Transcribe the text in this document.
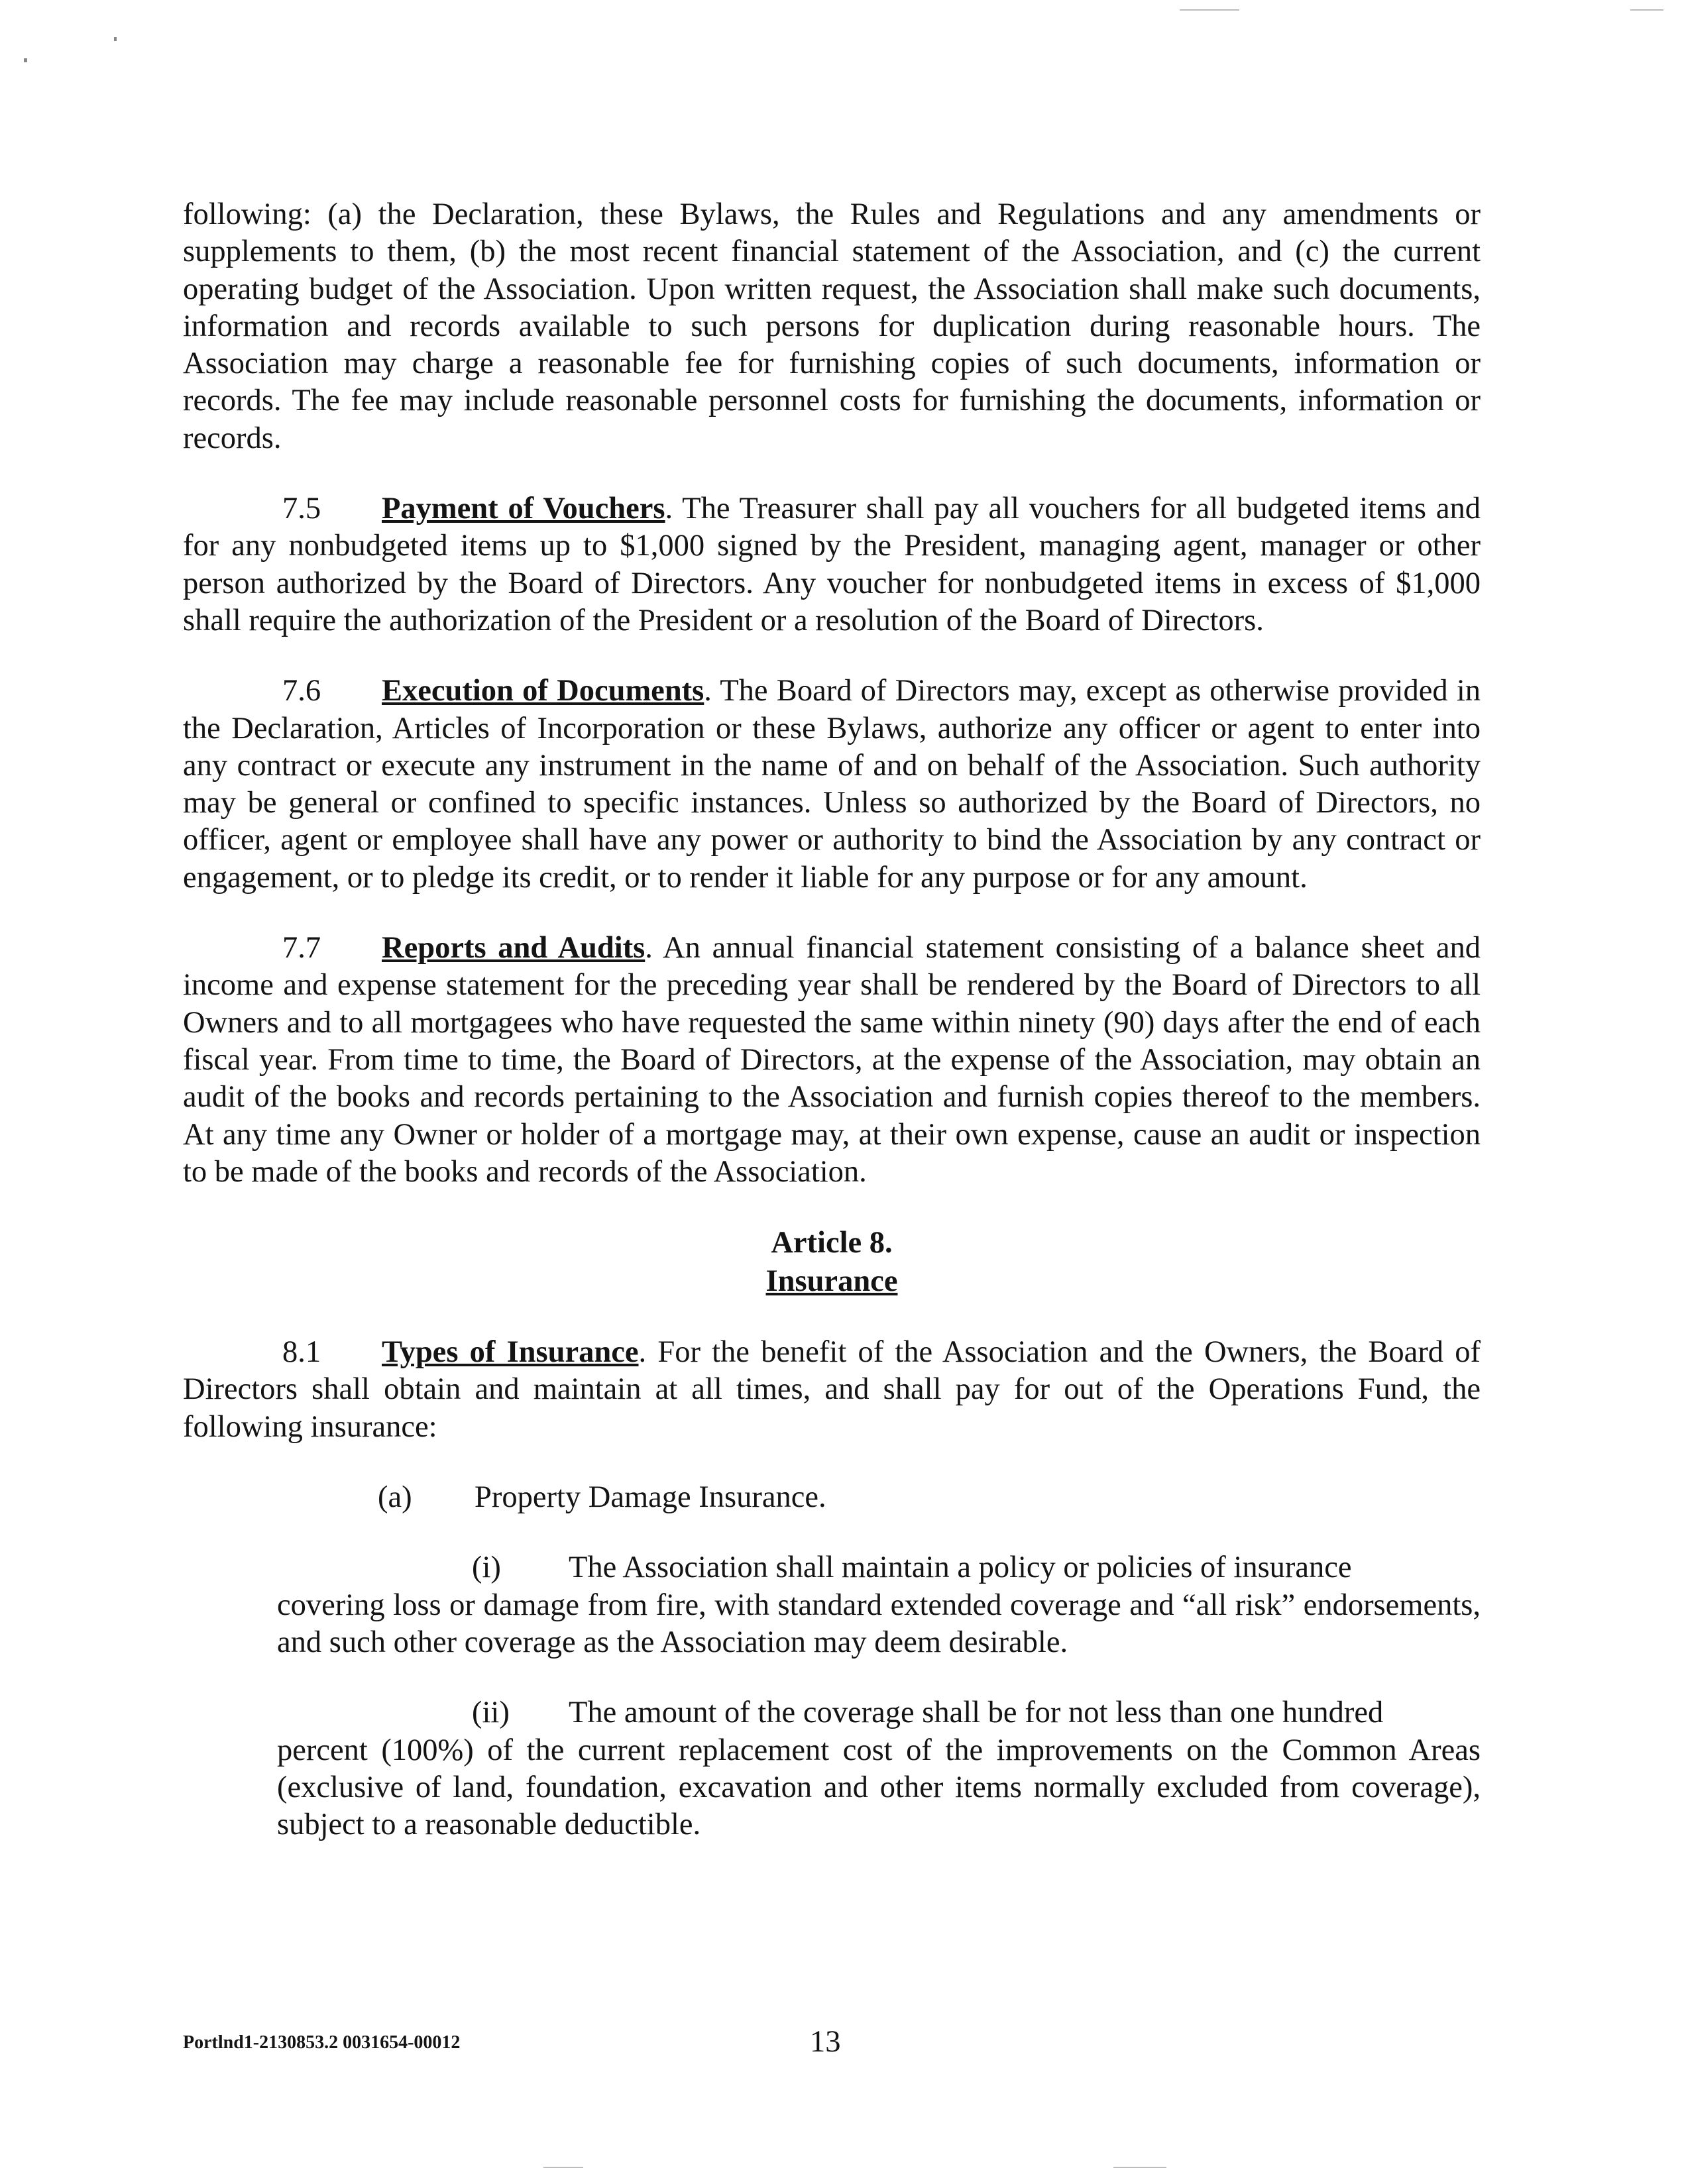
following: (a) the Declaration, these Bylaws, the Rules and Regulations and any amendments or supplements to them, (b) the most recent financial statement of the Association, and (c) the current operating budget of the Association. Upon written request, the Association shall make such documents, information and records available to such persons for duplication during reasonable hours. The Association may charge a reasonable fee for furnishing copies of such documents, information or records. The fee may include reasonable personnel costs for furnishing the documents, information or records.

7.5 Payment of Vouchers. The Treasurer shall pay all vouchers for all budgeted items and for any nonbudgeted items up to $1,000 signed by the President, managing agent, manager or other person authorized by the Board of Directors. Any voucher for nonbudgeted items in excess of $1,000 shall require the authorization of the President or a resolution of the Board of Directors.

7.6 Execution of Documents. The Board of Directors may, except as otherwise provided in the Declaration, Articles of Incorporation or these Bylaws, authorize any officer or agent to enter into any contract or execute any instrument in the name of and on behalf of the Association. Such authority may be general or confined to specific instances. Unless so authorized by the Board of Directors, no officer, agent or employee shall have any power or authority to bind the Association by any contract or engagement, or to pledge its credit, or to render it liable for any purpose or for any amount.

7.7 Reports and Audits. An annual financial statement consisting of a balance sheet and income and expense statement for the preceding year shall be rendered by the Board of Directors to all Owners and to all mortgagees who have requested the same within ninety (90) days after the end of each fiscal year. From time to time, the Board of Directors, at the expense of the Association, may obtain an audit of the books and records pertaining to the Association and furnish copies thereof to the members. At any time any Owner or holder of a mortgage may, at their own expense, cause an audit or inspection to be made of the books and records of the Association.

Article 8.
Insurance

8.1 Types of Insurance. For the benefit of the Association and the Owners, the Board of Directors shall obtain and maintain at all times, and shall pay for out of the Operations Fund, the following insurance:

(a) Property Damage Insurance.
(i) The Association shall maintain a policy or policies of insurance
covering loss or damage from fire, with standard extended coverage and “all risk” endorsements, and such other coverage as the Association may deem desirable.
(ii) The amount of the coverage shall be for not less than one hundred
percent (100%) of the current replacement cost of the improvements on the Common Areas (exclusive of land, foundation, excavation and other items normally excluded from coverage), subject to a reasonable deductible.
Portlnd1-2130853.2 0031654-00012	13
